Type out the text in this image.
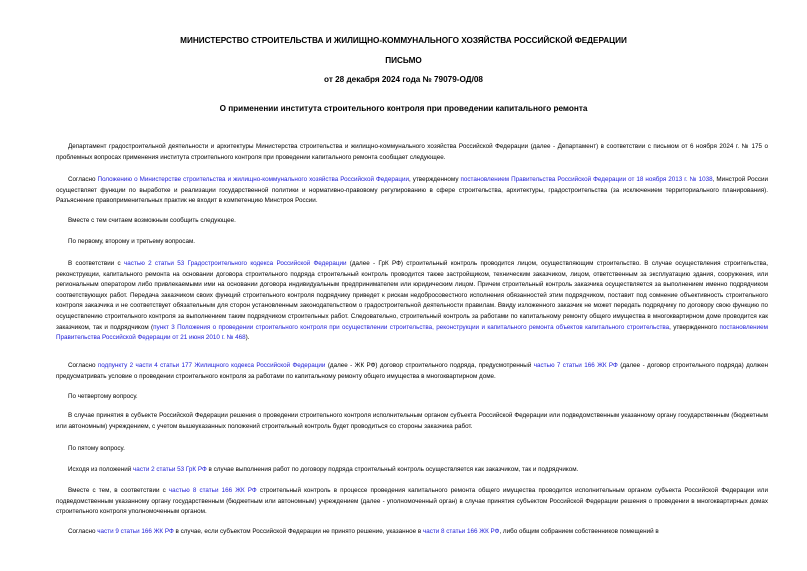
МИНИСТЕРСТВО СТРОИТЕЛЬСТВА И ЖИЛИЩНО-КОММУНАЛЬНОГО ХОЗЯЙСТВА РОССИЙСКОЙ ФЕДЕРАЦИИ
ПИСЬМО
от 28 декабря 2024 года № 79079-ОД/08
О применении института строительного контроля при проведении капитального ремонта
Департамент градостроительной деятельности и архитектуры Министерства строительства и жилищно-коммунального хозяйства Российской Федерации (далее - Департамент) в соответствии с письмом от 6 ноября 2024 г. № 175 о проблемных вопросах применения института строительного контроля при проведении капитального ремонта сообщает следующее.
Согласно Положению о Министерстве строительства и жилищно-коммунального хозяйства Российской Федерации, утвержденному постановлением Правительства Российской Федерации от 18 ноября 2013 г. № 1038, Минстрой России осуществляет функции по выработке и реализации государственной политики и нормативно-правовому регулированию в сфере строительства, архитектуры, градостроительства (за исключением территориального планирования). Разъяснение правоприменительных практик не входит в компетенцию Минстроя России.
Вместе с тем считаем возможным сообщить следующее.
По первому, второму и третьему вопросам.
В соответствии с частью 2 статьи 53 Градостроительного кодекса Российской Федерации (далее - ГрК РФ) строительный контроль проводится лицом, осуществляющим строительство. В случае осуществления строительства, реконструкции, капитального ремонта на основании договора строительного подряда строительный контроль проводится также застройщиком, техническим заказчиком, лицом, ответственным за эксплуатацию здания, сооружения, или региональным оператором либо привлекаемыми ими на основании договора индивидуальным предпринимателем или юридическим лицом. Причем строительный контроль заказчика осуществляется за выполнением именно подрядчиком соответствующих работ. Передача заказчиком своих функций строительного контроля подрядчику приведет к рискам недобросовестного исполнения обязанностей этим подрядчиком, поставит под сомнение объективность строительного контроля заказчика и не соответствует обязательным для сторон установленным законодательством о градостроительной деятельности правилам. Ввиду изложенного заказчик не может передать подрядчику по договору свою функцию по осуществлению строительного контроля за выполнением таким подрядчиком строительных работ. Следовательно, строительный контроль за работами по капитальному ремонту общего имущества в многоквартирном доме проводится как заказчиком, так и подрядчиком (пункт 3 Положения о проведении строительного контроля при осуществлении строительства, реконструкции и капитального ремонта объектов капитального строительства, утвержденного постановлением Правительства Российской Федерации от 21 июня 2010 г. № 468).
Согласно подпункту 2 части 4 статьи 177 Жилищного кодекса Российской Федерации (далее - ЖК РФ) договор строительного подряда, предусмотренный частью 7 статьи 166 ЖК РФ (далее - договор строительного подряда) должен предусматривать условие о проведении строительного контроля за работами по капитальному ремонту общего имущества в многоквартирном доме.
По четвертому вопросу.
В случае принятия в субъекте Российской Федерации решения о проведении строительного контроля исполнительным органом субъекта Российской Федерации или подведомственным указанному органу государственным (бюджетным или автономным) учреждением, с учетом вышеуказанных положений строительный контроль будет проводиться со стороны заказчика работ.
По пятому вопросу.
Исходя из положений части 2 статьи 53 ГрК РФ в случае выполнения работ по договору подряда строительный контроль осуществляется как заказчиком, так и подрядчиком.
Вместе с тем, в соответствии с частью 8 статьи 166 ЖК РФ строительный контроль в процессе проведения капитального ремонта общего имущества проводится исполнительным органом субъекта Российской Федерации или подведомственным указанному органу государственным (бюджетным или автономным) учреждением (далее - уполномоченный орган) в случае принятия субъектом Российской Федерации решения о проведении в многоквартирных домах строительного контроля уполномоченным органом.
Согласно части 9 статьи 166 ЖК РФ в случае, если субъектом Российской Федерации не принято решение, указанное в части 8 статьи 166 ЖК РФ, либо общим собранием собственников помещений в
